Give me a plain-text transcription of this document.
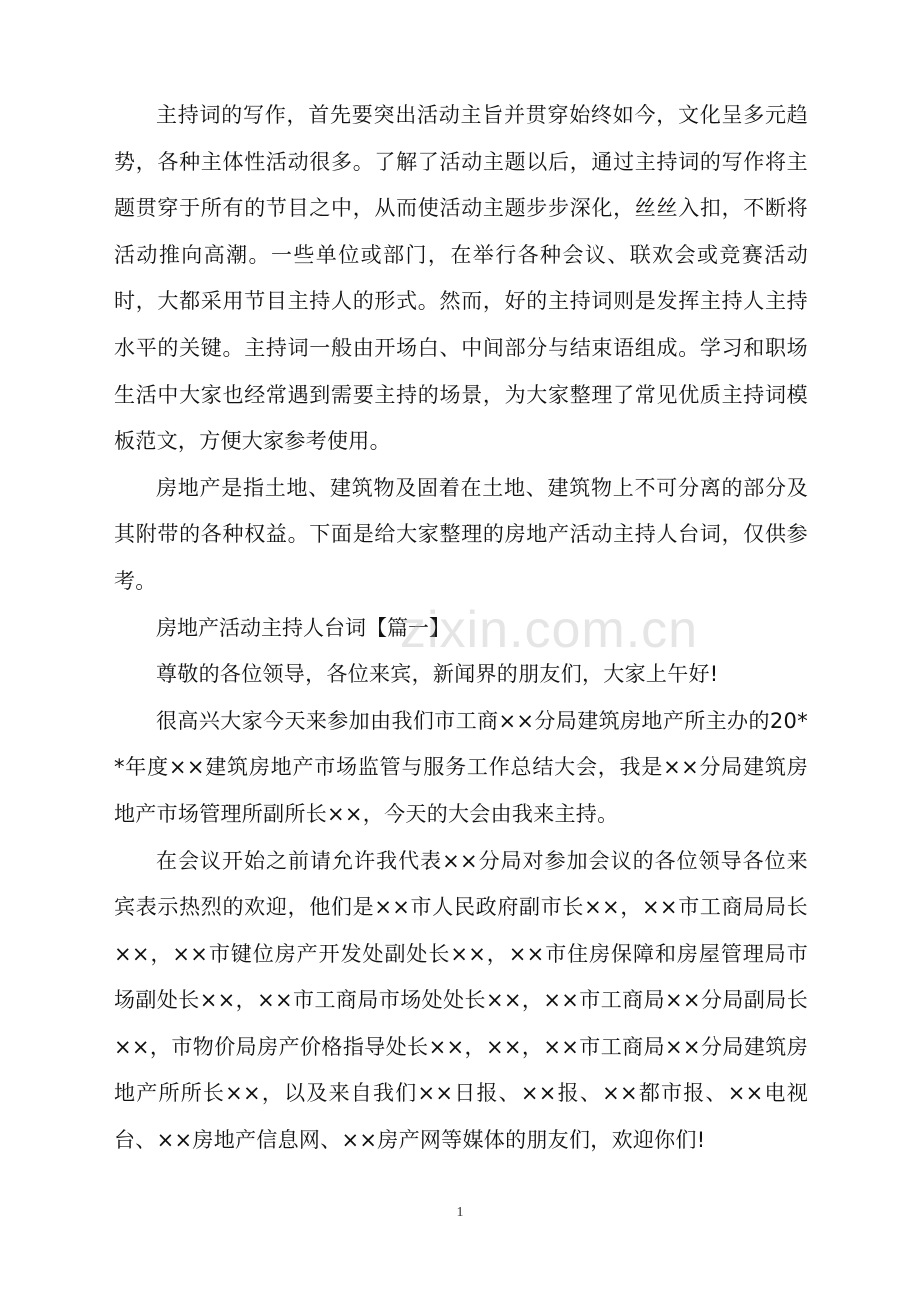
主持词的写作，首先要突出活动主旨并贯穿始终如今，文化呈多元趋势，各种主体性活动很多。了解了活动主题以后，通过主持词的写作将主题贯穿于所有的节目之中，从而使活动主题步步深化，丝丝入扣，不断将活动推向高潮。一些单位或部门，在举行各种会议、联欢会或竞赛活动时，大都采用节目主持人的形式。然而，好的主持词则是发挥主持人主持水平的关键。主持词一般由开场白、中间部分与结束语组成。学习和职场生活中大家也经常遇到需要主持的场景，为大家整理了常见优质主持词模板范文，方便大家参考使用。

房地产是指土地、建筑物及固着在土地、建筑物上不可分离的部分及其附带的各种权益。下面是给大家整理的房地产活动主持人台词，仅供参考。

房地产活动主持人台词【篇一】

尊敬的各位领导，各位来宾，新闻界的朋友们，大家上午好!

很高兴大家今天来参加由我们市工商××分局建筑房地产所主办的20**年度××建筑房地产市场监管与服务工作总结大会，我是××分局建筑房地产市场管理所副所长××，今天的大会由我来主持。

在会议开始之前请允许我代表××分局对参加会议的各位领导各位来宾表示热烈的欢迎，他们是××市人民政府副市长××，××市工商局局长××，××市键位房产开发处副处长××，××市住房保障和房屋管理局市场副处长××，××市工商局市场处处长××，××市工商局××分局副局长××，市物价局房产价格指导处长××，××，××市工商局××分局建筑房地产所所长××，以及来自我们××日报、××报、××都市报、××电视台、××房地产信息网、××房产网等媒体的朋友们，欢迎你们!

zixin.com.cn
1
